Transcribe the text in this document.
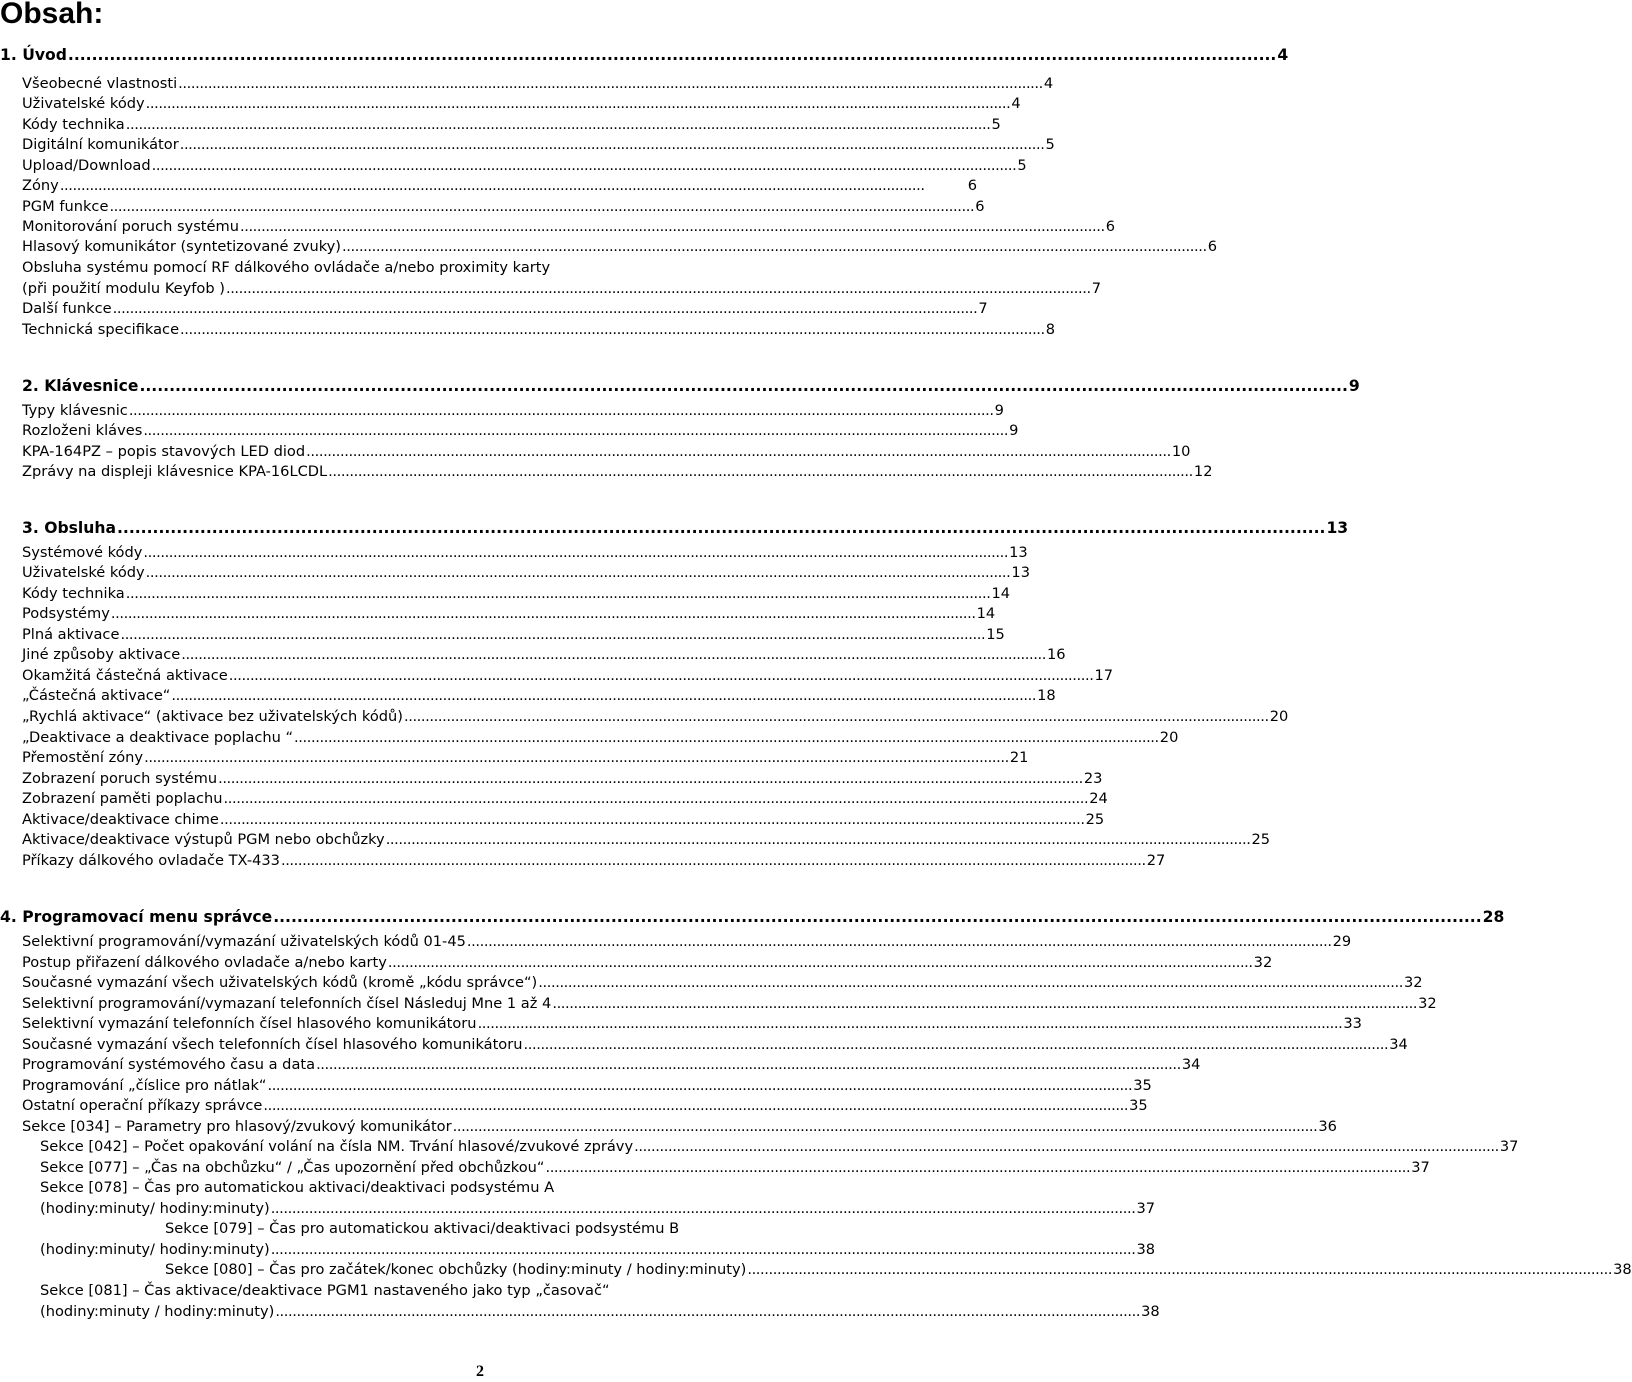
Obsah:
1. Úvod ............................................................................................................................................................................................................ 4
Všeobecné vlastnosti ............................................................................................................................................................................................................ 4
Uživatelské kódy ............................................................................................................................................................................................................ 4
Kódy technika ............................................................................................................................................................................................................ 5
Digitální komunikátor ............................................................................................................................................................................................................ 5
Upload/Download ............................................................................................................................................................................................................ 5
Zóny ............................................................................................................................................................................................................	6
PGM funkce ............................................................................................................................................................................................................ 6
Monitorování poruch systému ............................................................................................................................................................................................................ 6
Hlasový komunikátor (syntetizované zvuky) ............................................................................................................................................................................................................ 6
Obsluha systému pomocí RF dálkového ovládače a/nebo proximity karty
(při použití modulu Keyfob ) ............................................................................................................................................................................................................ 7
Další funkce ............................................................................................................................................................................................................ 7
Technická specifikace ............................................................................................................................................................................................................ 8
2. Klávesnice ............................................................................................................................................................................................................ 9
Typy klávesnic ............................................................................................................................................................................................................ 9
Rozloženi kláves ............................................................................................................................................................................................................ 9
KPA-164PZ – popis stavových LED diod ............................................................................................................................................................................................................ 10
Zprávy na displeji klávesnice KPA-16LCDL ............................................................................................................................................................................................................ 12
3. Obsluha ............................................................................................................................................................................................................ 13
Systémové kódy ............................................................................................................................................................................................................ 13
Uživatelské kódy ............................................................................................................................................................................................................ 13
Kódy technika ............................................................................................................................................................................................................ 14
Podsystémy ............................................................................................................................................................................................................ 14
Plná aktivace ............................................................................................................................................................................................................ 15
Jiné způsoby aktivace ............................................................................................................................................................................................................ 16
Okamžitá částečná aktivace ............................................................................................................................................................................................................ 17
„Částečná aktivace“ ............................................................................................................................................................................................................ 18
„Rychlá aktivace“ (aktivace bez uživatelských kódů) ............................................................................................................................................................................................................ 20
„Deaktivace a deaktivace poplachu “ ............................................................................................................................................................................................................ 20
Přemostění zóny ............................................................................................................................................................................................................ 21
Zobrazení poruch systému ............................................................................................................................................................................................................ 23
Zobrazení paměti poplachu ............................................................................................................................................................................................................ 24
Aktivace/deaktivace chime ............................................................................................................................................................................................................ 25
Aktivace/deaktivace výstupů PGM nebo obchůzky ............................................................................................................................................................................................................ 25
Příkazy dálkového ovladače TX-433 ............................................................................................................................................................................................................ 27
4. Programovací menu správce ............................................................................................................................................................................................................ 28
Selektivní programování/vymazání uživatelských kódů 01-45 ............................................................................................................................................................................................................ 29
Postup přiřazení dálkového ovladače a/nebo karty ............................................................................................................................................................................................................ 32
Současné vymazání všech uživatelských kódů (kromě „kódu správce“) ............................................................................................................................................................................................................ 32
Selektivní programování/vymazaní telefonních čísel Následuj Mne 1 až 4 ............................................................................................................................................................................................................ 32
Selektivní vymazání telefonních čísel hlasového komunikátoru ............................................................................................................................................................................................................ 33
Současné vymazání všech telefonních čísel hlasového komunikátoru ............................................................................................................................................................................................................ 34
Programování systémového času a data ............................................................................................................................................................................................................ 34
Programování „číslice pro nátlak“ ............................................................................................................................................................................................................ 35
Ostatní operační příkazy správce ............................................................................................................................................................................................................ 35
Sekce [034] – Parametry pro hlasový/zvukový komunikátor ............................................................................................................................................................................................................ 36
Sekce [042] – Počet opakování volání na čísla NM. Trvání hlasové/zvukové zprávy ............................................................................................................................................................................................................ 37
Sekce [077] – „Čas na obchůzku“ / „Čas upozornění před obchůzkou“ ............................................................................................................................................................................................................ 37
Sekce [078] – Čas pro automatickou aktivaci/deaktivaci podsystému A
(hodiny:minuty/ hodiny:minuty) ............................................................................................................................................................................................................ 37
Sekce [079] – Čas pro automatickou aktivaci/deaktivaci podsystému B
(hodiny:minuty/ hodiny:minuty) ............................................................................................................................................................................................................ 38
Sekce [080] – Čas pro začátek/konec obchůzky (hodiny:minuty / hodiny:minuty) ............................................................................................................................................................................................................ 38
Sekce [081] – Čas aktivace/deaktivace PGM1 nastaveného jako typ „časovač“
(hodiny:minuty / hodiny:minuty) ............................................................................................................................................................................................................ 38
2
